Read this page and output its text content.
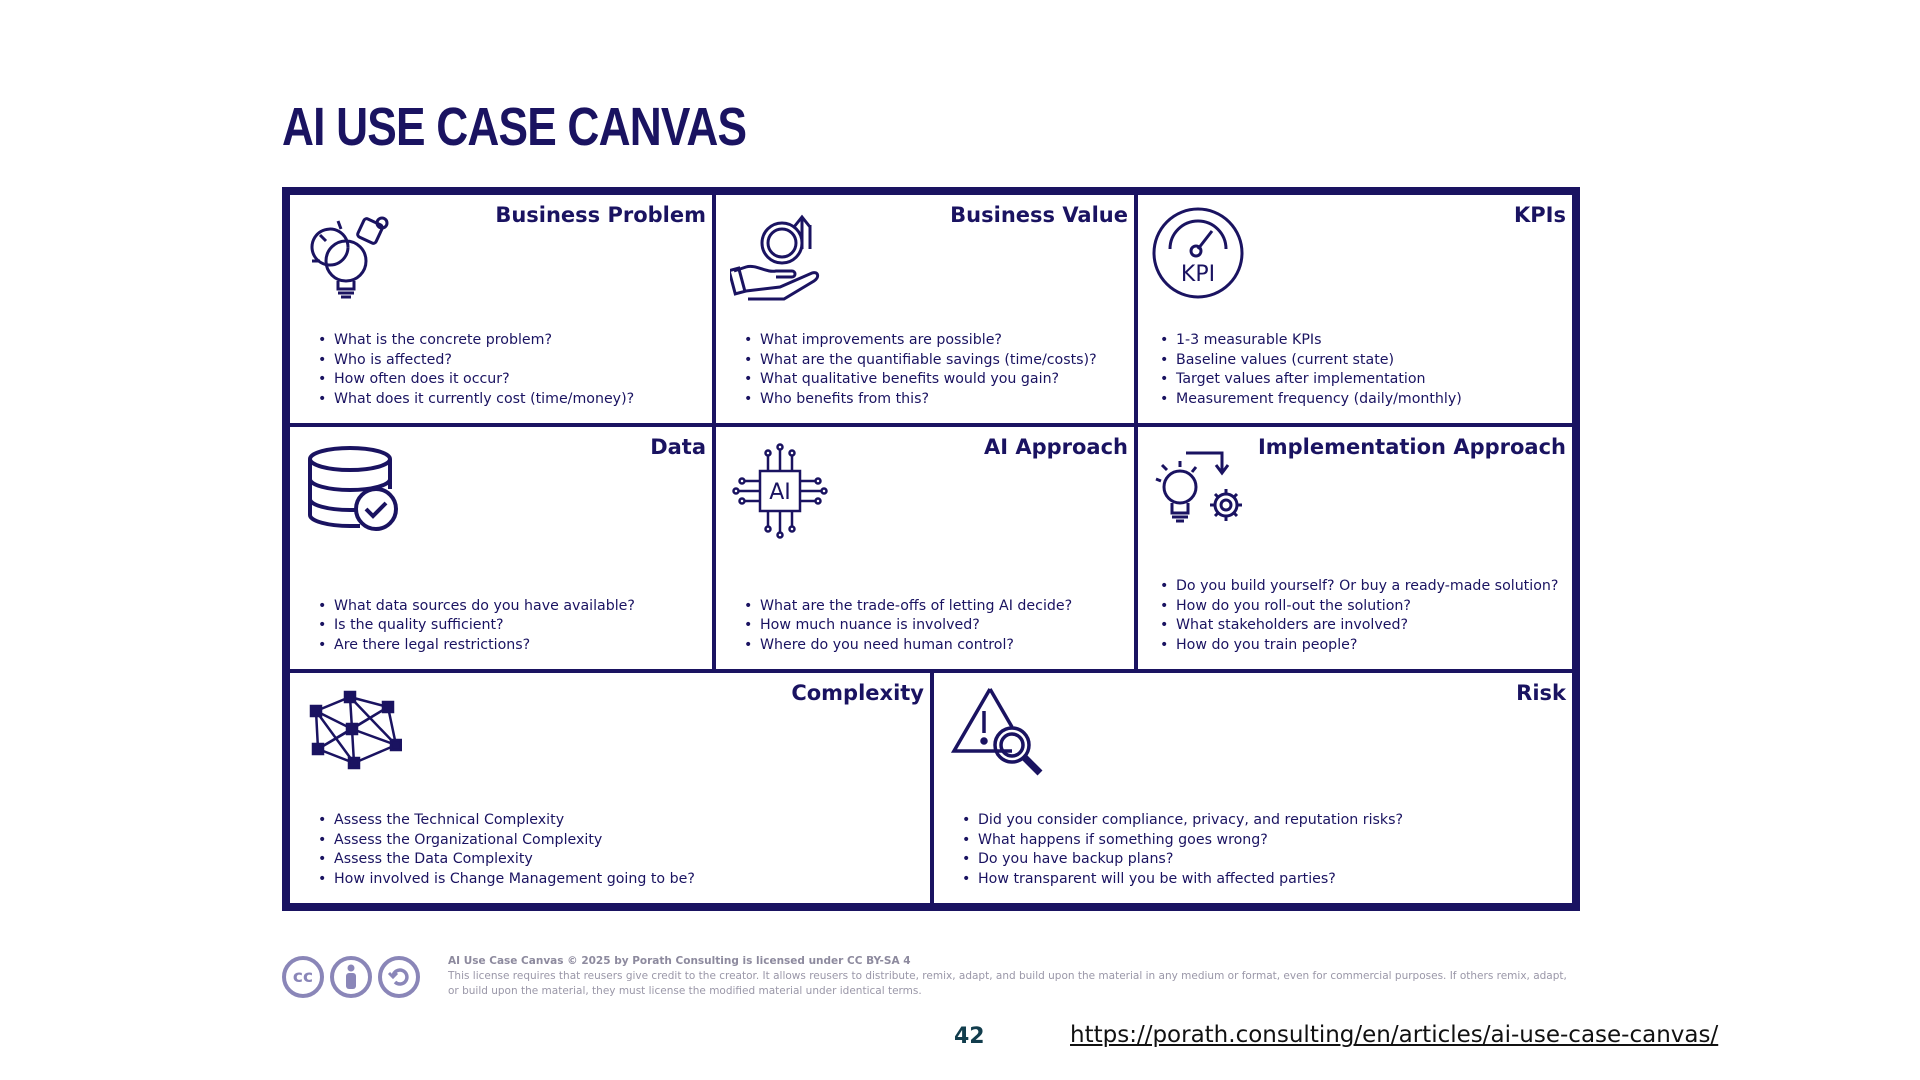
AI USE CASE CANVAS
Business Problem
• What is the concrete problem?
• Who is affected?
• How often does it occur?
• What does it currently cost (time/money)?
Business Value
• What improvements are possible?
• What are the quantifiable savings (time/costs)?
• What qualitative benefits would you gain?
• Who benefits from this?
KPI
KPIs
• 1-3 measurable KPIs
• Baseline values (current state)
• Target values after implementation
• Measurement frequency (daily/monthly)
Data
• What data sources do you have available?
• Is the quality sufficient?
• Are there legal restrictions?
AI
AI Approach
• What are the trade-offs of letting AI decide?
• How much nuance is involved?
• Where do you need human control?
Implementation Approach
• Do you build yourself? Or buy a ready-made solution?
• How do you roll-out the solution?
• What stakeholders are involved?
• How do you train people?
Complexity
• Assess the Technical Complexity
• Assess the Organizational Complexity
• Assess the Data Complexity
• How involved is Change Management going to be?
Risk
• Did you consider compliance, privacy, and reputation risks?
• What happens if something goes wrong?
• Do you have backup plans?
• How transparent will you be with affected parties?
cc
AI Use Case Canvas © 2025 by Porath Consulting is licensed under CC BY-SA 4
This license requires that reusers give credit to the creator. It allows reusers to distribute, remix, adapt, and build upon the material in any medium or format, even for commercial purposes. If others remix, adapt, or build upon the material, they must license the modified material under identical terms.
42	https://porath.consulting/en/articles/ai-use-case-canvas/
